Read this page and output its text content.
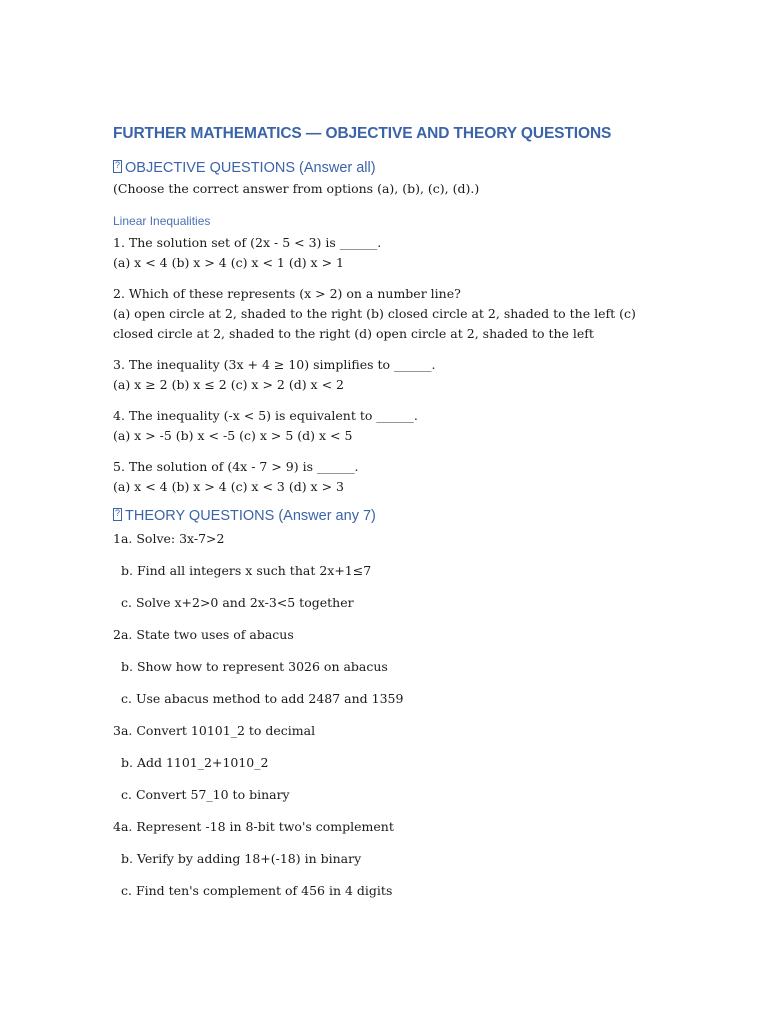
FURTHER MATHEMATICS — OBJECTIVE AND THEORY QUESTIONS
?OBJECTIVE QUESTIONS (Answer all)
(Choose the correct answer from options (a), (b), (c), (d).)
Linear Inequalities
1. The solution set of (2x - 5 < 3) is ______.
(a) x < 4 (b) x > 4 (c) x < 1 (d) x > 1
2. Which of these represents (x > 2) on a number line?
(a) open circle at 2, shaded to the right (b) closed circle at 2, shaded to the left (c) closed circle at 2, shaded to the right (d) open circle at 2, shaded to the left
3. The inequality (3x + 4 ≥ 10) simplifies to ______.
(a) x ≥ 2 (b) x ≤ 2 (c) x > 2 (d) x < 2
4. The inequality (-x < 5) is equivalent to ______.
(a) x > -5 (b) x < -5 (c) x > 5 (d) x < 5
5. The solution of (4x - 7 > 9) is ______.
(a) x < 4 (b) x > 4 (c) x < 3 (d) x > 3
?THEORY QUESTIONS (Answer any 7)
1a. Solve: 3x-7>2
b. Find all integers x such that 2x+1≤7
c. Solve x+2>0 and 2x-3<5 together
2a. State two uses of abacus
b. Show how to represent 3026 on abacus
c. Use abacus method to add 2487 and 1359
3a. Convert 10101_2 to decimal
b. Add 1101_2+1010_2
c. Convert 57_10 to binary
4a. Represent -18 in 8-bit two's complement
b. Verify by adding 18+(-18) in binary
c. Find ten's complement of 456 in 4 digits
